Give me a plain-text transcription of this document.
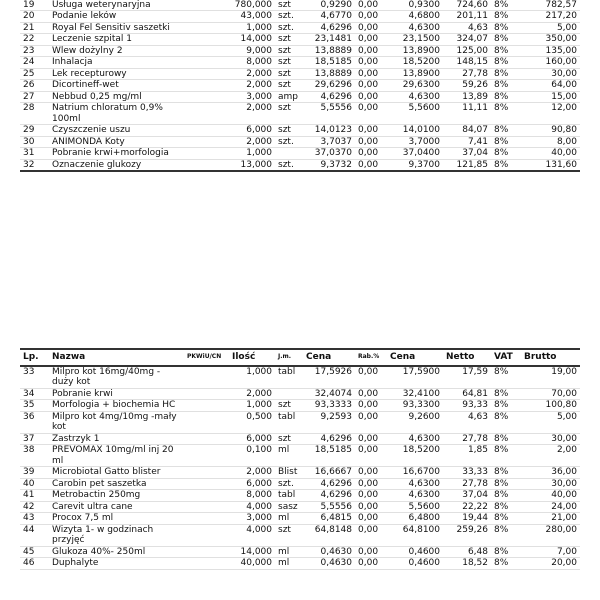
19	Usługa weterynaryjna		780,000	szt	0,9290	0,00	0,9300	724,60	8%	782,57
20	Podanie leków		43,000	szt.	4,6770	0,00	4,6800	201,11	8%	217,20
21	Royal Fel Sensitiv saszetki		1,000	szt.	4,6296	0,00	4,6300	4,63	8%	5,00
22	Leczenie szpital 1		14,000	szt	23,1481	0,00	23,1500	324,07	8%	350,00
23	Wlew dożylny 2		9,000	szt	13,8889	0,00	13,8900	125,00	8%	135,00
24	Inhalacja		8,000	szt	18,5185	0,00	18,5200	148,15	8%	160,00
25	Lek recepturowy		2,000	szt	13,8889	0,00	13,8900	27,78	8%	30,00
26	Dicortineff-wet		2,000	szt	29,6296	0,00	29,6300	59,26	8%	64,00
27	Nebbud 0,25 mg/ml		3,000	amp	4,6296	0,00	4,6300	13,89	8%	15,00
28	Natrium chloratum 0,9% 100ml		2,000	szt	5,5556	0,00	5,5600	11,11	8%	12,00
29	Czyszczenie uszu		6,000	szt	14,0123	0,00	14,0100	84,07	8%	90,80
30	ANIMONDA Koty		2,000	szt.	3,7037	0,00	3,7000	7,41	8%	8,00
31	Pobranie krwi+morfologia		1,000		37,0370	0,00	37,0400	37,04	8%	40,00
32	Oznaczenie glukozy		13,000	szt.	9,3732	0,00	9,3700	121,85	8%	131,60
Lp.	Nazwa	PKWiU/CN	Ilość	J.m.	Cena	Rab.%	Cena	Netto	VAT	Brutto
33	Milpro kot 16mg/40mg -duży kot		1,000	tabl	17,5926	0,00	17,5900	17,59	8%	19,00
34	Pobranie krwi		2,000		32,4074	0,00	32,4100	64,81	8%	70,00
35	Morfologia + biochemia HC		1,000	szt	93,3333	0,00	93,3300	93,33	8%	100,80
36	Milpro kot 4mg/10mg -mały kot		0,500	tabl	9,2593	0,00	9,2600	4,63	8%	5,00
37	Zastrzyk 1		6,000	szt	4,6296	0,00	4,6300	27,78	8%	30,00
38	PREVOMAX 10mg/ml inj 20 ml		0,100	ml	18,5185	0,00	18,5200	1,85	8%	2,00
39	Microbiotal Gatto blister		2,000	Blist	16,6667	0,00	16,6700	33,33	8%	36,00
40	Carobin pet saszetka		6,000	szt.	4,6296	0,00	4,6300	27,78	8%	30,00
41	Metrobactin 250mg		8,000	tabl	4,6296	0,00	4,6300	37,04	8%	40,00
42	Carevit ultra cane		4,000	sasz	5,5556	0,00	5,5600	22,22	8%	24,00
43	Procox 7,5 ml		3,000	ml	6,4815	0,00	6,4800	19,44	8%	21,00
44	Wizyta 1- w godzinach przyjęć		4,000	szt	64,8148	0,00	64,8100	259,26	8%	280,00
45	Glukoza 40%- 250ml		14,000	ml	0,4630	0,00	0,4600	6,48	8%	7,00
46	Duphalyte		40,000	ml	0,4630	0,00	0,4600	18,52	8%	20,00
